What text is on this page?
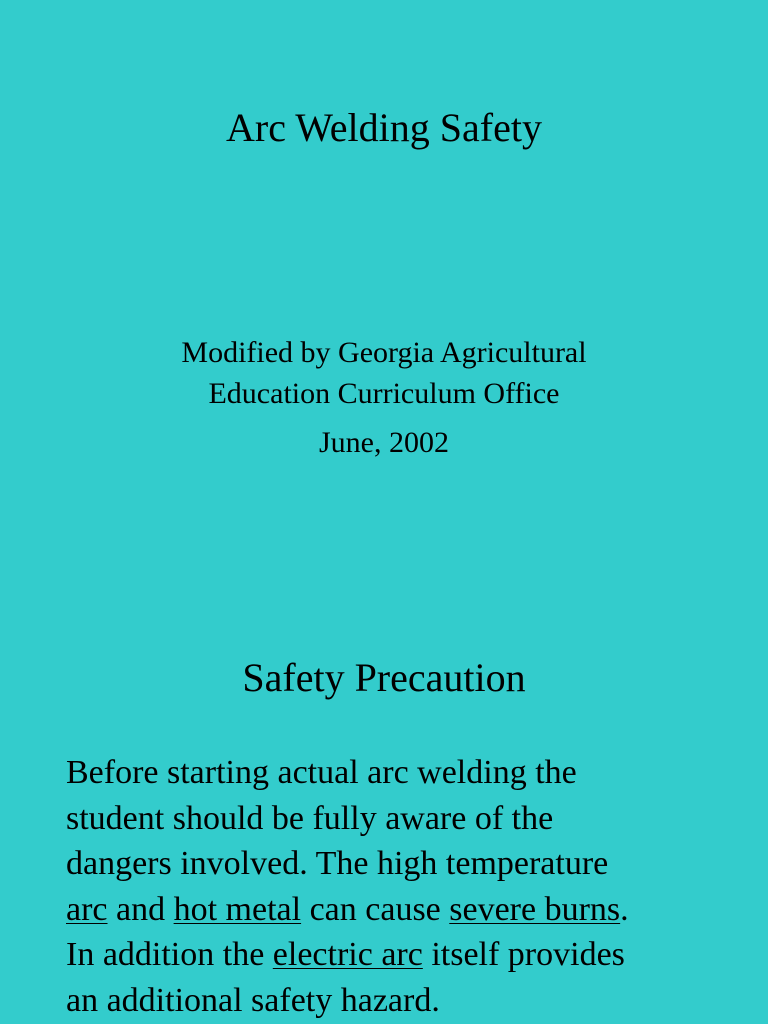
Arc Welding Safety
Modified by Georgia Agricultural
Education Curriculum Office
June, 2002
Safety Precaution
Before starting actual arc welding the
student should be fully aware of the
dangers involved. The high temperature
arc and hot metal can cause severe burns.
In addition the electric arc itself provides
an additional safety hazard.
